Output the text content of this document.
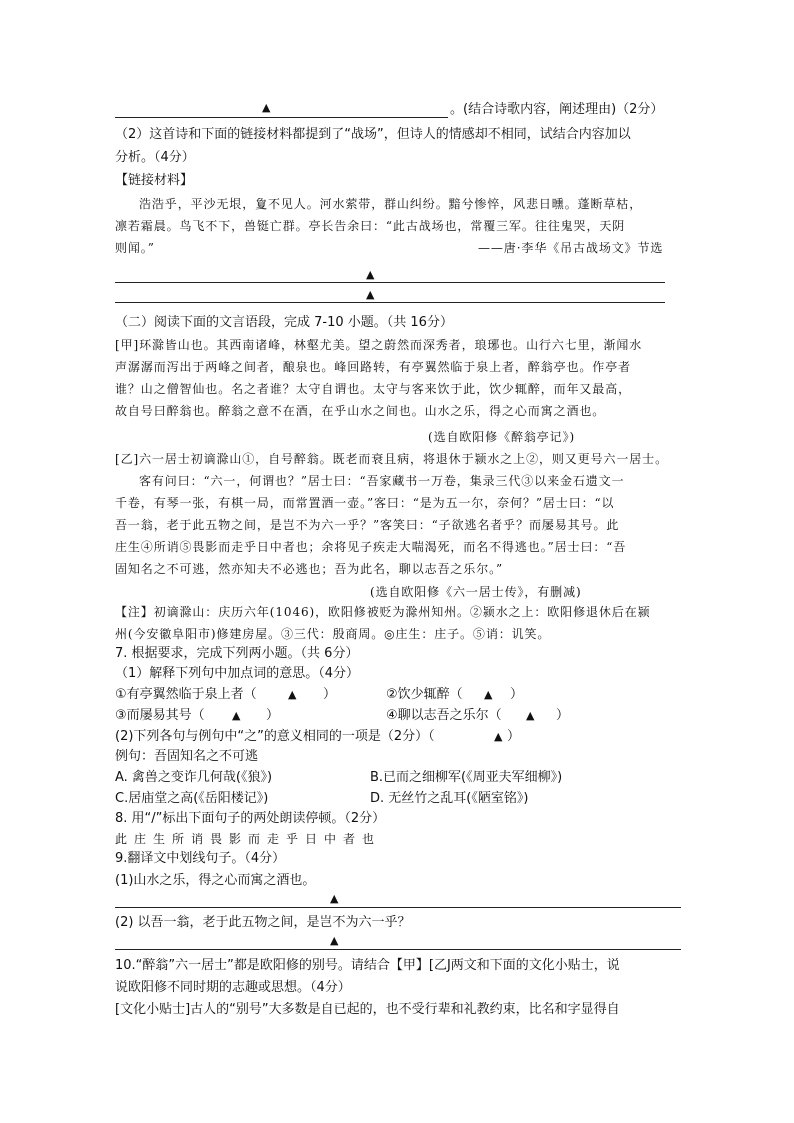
▲	。(结合诗歌内容，阐述理由)（2分）
（2）这首诗和下面的链接材料都提到了“战场”，但诗人的情感却不相同，试结合内容加以
分析。（4分）
【链接材料】
浩浩乎，平沙无垠，夐不见人。河水萦带，群山纠纷。黯兮惨悴，风悲日曛。蓬断草枯，
凛若霜晨。鸟飞不下，兽铤亡群。亭长告余曰：“此古战场也，常覆三军。往往鬼哭，天阴
则闻。”	——唐·李华《吊古战场文》节选
▲
▲
（二）阅读下面的文言语段，完成 7-10 小题。（共 16分）
[甲]环滁皆山也。其西南诸峰，林壑尤美。望之蔚然而深秀者，琅琊也。山行六七里，渐闻水
声潺潺而泻出于两峰之间者，酿泉也。峰回路转，有亭翼然临于泉上者，醉翁亭也。作亭者
谁？山之僧智仙也。名之者谁？太守自谓也。太守与客来饮于此，饮少辄醉，而年又最高，
故自号曰醉翁也。醉翁之意不在酒，在乎山水之间也。山水之乐，得之心而寓之酒也。
(选自欧阳修《醉翁亭记》)
[乙]六一居士初谪滁山①，自号醉翁。既老而衰且病，将退休于颍水之上②，则又更号六一居士。
客有问曰：“六一，何谓也？”居士曰：“吾家藏书一万卷，集录三代③以来金石遗文一
千卷，有琴一张，有棋一局，而常置酒一壶。”客曰：“是为五一尔，奈何？”居士曰：“以
吾一翁，老于此五物之间，是岂不为六一乎？”客笑曰：“子欲逃名者乎？而屡易其号。此
庄生④所诮⑤畏影而走乎日中者也；余将见子疾走大喘渴死，而名不得逃也。”居士曰：“吾
固知名之不可逃，然亦知夫不必逃也；吾为此名，聊以志吾之乐尔。”
(选自欧阳修《六一居士传》，有删减)
【注】初谪滁山：庆历六年(1046)，欧阳修被贬为滁州知州。②颍水之上：欧阳修退休后在颍
州(今安徽阜阳市)修建房屋。③三代：殷商周。◎庄生：庄子。⑤诮：讥笑。
7. 根据要求，完成下列两小题。（共 6分）
（1）解释下列句中加点词的意思。（4分）
①有亭翼然临于泉上者（	▲ ）	②饮少辄醉（	▲ ）
③而屡易其号（	▲ ）	④聊以志吾之乐尔（	▲ ）
(2)下列各句与例句中“之”的意义相同的一项是（2分）（	▲ ）
例句：吾固知名之不可逃
A. 禽兽之变诈几何哉(《狼》)	B.已而之细柳军(《周亚夫军细柳》)
C.居庙堂之高(《岳阳楼记》)	D. 无丝竹之乱耳(《陋室铭》)
8. 用“/”标出下面句子的两处朗读停顿。（2分）
此庄生所诮畏影而走乎日中者也
9.翻译文中划线句子。（4分）
(1)山水之乐，得之心而寓之酒也。
▲
(2) 以吾一翁，老于此五物之间，是岂不为六一乎？
▲
10.“醉翁”六一居士”都是欧阳修的别号。请结合【甲】[乙J两文和下面的文化小贴士，说
说欧阳修不同时期的志趣或思想。（4分）
[文化小贴士]古人的“别号”大多数是自已起的，也不受行辈和礼教约束，比名和字显得自
